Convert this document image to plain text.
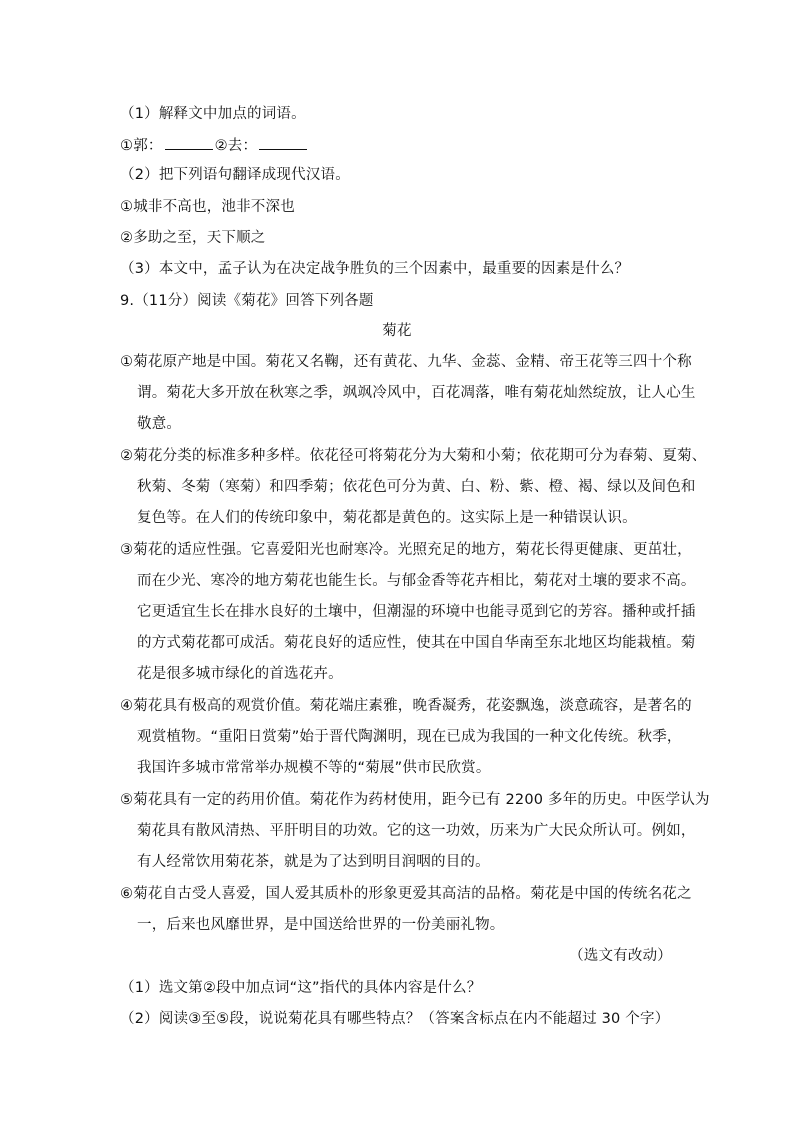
（1）解释文中加点的词语。
①郭：	②去：
（2）把下列语句翻译成现代汉语。
①城非不高也，池非不深也
②多助之至，天下顺之
（3）本文中，孟子认为在决定战争胜负的三个因素中，最重要的因素是什么？
9.（11分）阅读《菊花》回答下列各题
菊花
①菊花原产地是中国。菊花又名鞠，还有黄花、九华、金蕊、金精、帝王花等三四十个称
谓。菊花大多开放在秋寒之季，飒飒冷风中，百花凋落，唯有菊花灿然绽放，让人心生
敬意。
②菊花分类的标准多种多样。依花径可将菊花分为大菊和小菊；依花期可分为春菊、夏菊、
秋菊、冬菊（寒菊）和四季菊；依花色可分为黄、白、粉、紫、橙、褐、绿以及间色和
复色等。在人们的传统印象中，菊花都是黄色的。这实际上是一种错误认识。
③菊花的适应性强。它喜爱阳光也耐寒冷。光照充足的地方，菊花长得更健康、更茁壮，
而在少光、寒冷的地方菊花也能生长。与郁金香等花卉相比，菊花对土壤的要求不高。
它更适宜生长在排水良好的土壤中，但潮湿的环境中也能寻觅到它的芳容。播种或扦插
的方式菊花都可成活。菊花良好的适应性，使其在中国自华南至东北地区均能栽植。菊
花是很多城市绿化的首选花卉。
④菊花具有极高的观赏价值。菊花端庄素雅，晚香凝秀，花姿飘逸，淡意疏容，是著名的
观赏植物。“重阳日赏菊”始于晋代陶渊明，现在已成为我国的一种文化传统。秋季，
我国许多城市常常举办规模不等的“菊展”供市民欣赏。
⑤菊花具有一定的药用价值。菊花作为药材使用，距今已有 2200 多年的历史。中医学认为
菊花具有散风清热、平肝明目的功效。它的这一功效，历来为广大民众所认可。例如，
有人经常饮用菊花茶，就是为了达到明目润咽的目的。
⑥菊花自古受人喜爱，国人爱其质朴的形象更爱其高洁的品格。菊花是中国的传统名花之
一，后来也风靡世界，是中国送给世界的一份美丽礼物。
（选文有改动）
（1）选文第②段中加点词“这”指代的具体内容是什么？
（2）阅读③至⑤段，说说菊花具有哪些特点？（答案含标点在内不能超过 30 个字）
